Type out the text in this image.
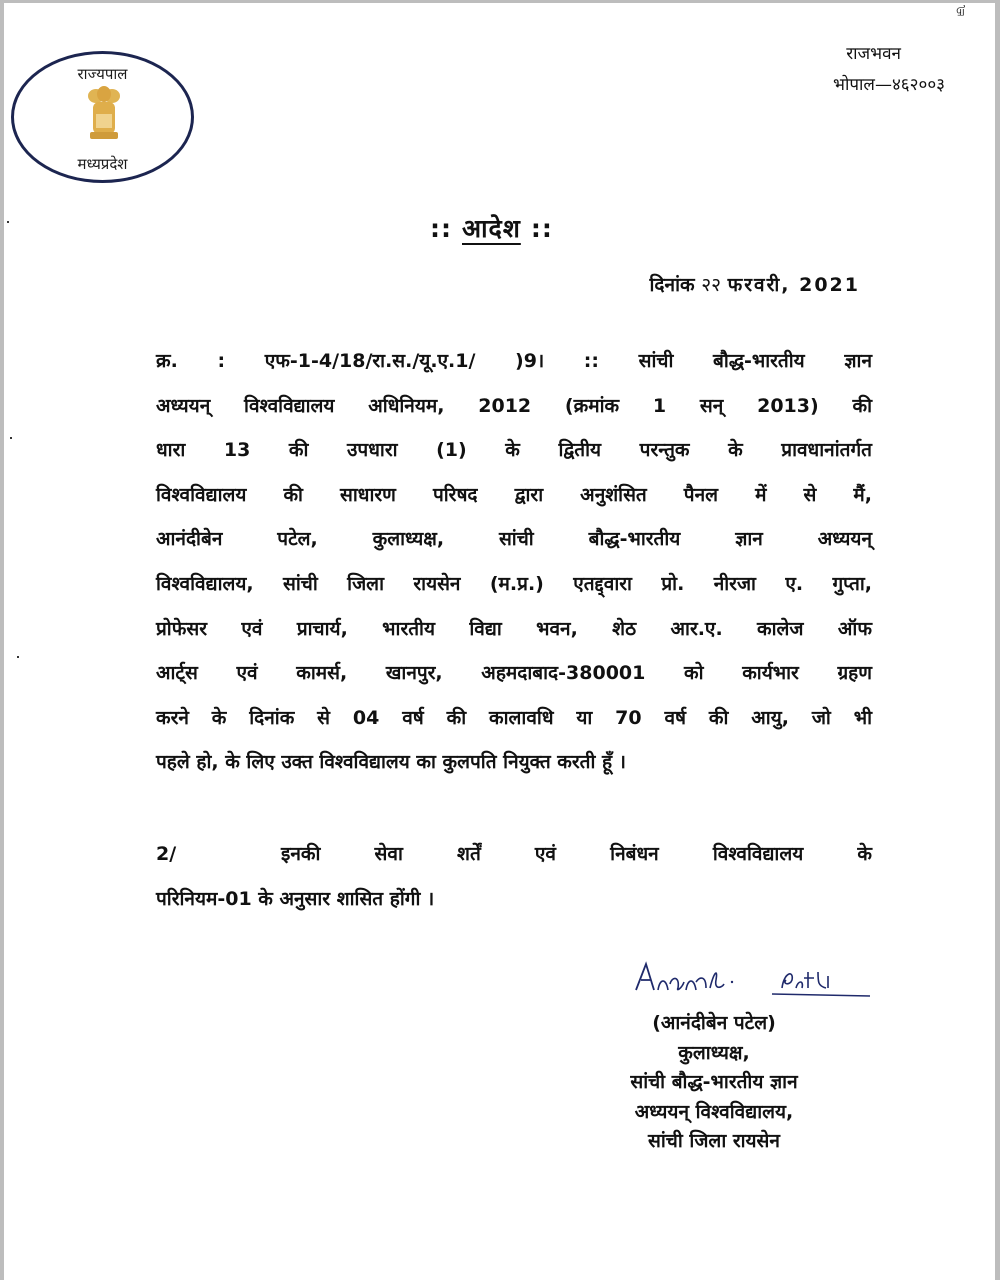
ந
राज्यपाल
मध्यप्रदेश
राजभवन
भोपाल—४६२००३
:: आदेश ::
दिनांक २२ फरवरी, 2021
क्र. : एफ-1-4/18/रा.स./यू.ए.1/ )9। :: सांची बौद्ध-भारतीय ज्ञान
अध्ययन् विश्वविद्यालय अधिनियम, 2012 (क्रमांक 1 सन् 2013) की
धारा 13 की उपधारा (1) के द्वितीय परन्तुक के प्रावधानांतर्गत
विश्वविद्यालय की साधारण परिषद द्वारा अनुशंसित पैनल में से मैं,
आनंदीबेन पटेल, कुलाध्यक्ष, सांची बौद्ध-भारतीय ज्ञान अध्ययन्
विश्वविद्यालय, सांची जिला रायसेन (म.प्र.) एतद्द्वारा प्रो. नीरजा ए. गुप्ता,
प्रोफेसर एवं प्राचार्य, भारतीय विद्या भवन, शेठ आर.ए. कालेज ऑफ
आर्ट्स एवं कामर्स, खानपुर, अहमदाबाद-380001 को कार्यभार ग्रहण
करने के दिनांक से 04 वर्ष की कालावधि या 70 वर्ष की आयु, जो भी
पहले हो, के लिए उक्त विश्वविद्यालय का कुलपति नियुक्त करती हूँ ।
2/	इनकी सेवा शर्तें एवं निबंधन विश्वविद्यालय के
परिनियम-01 के अनुसार शासित होंगी ।
(आनंदीबेन पटेल)
कुलाध्यक्ष,
सांची बौद्ध-भारतीय ज्ञान
अध्ययन् विश्वविद्यालय,
सांची जिला रायसेन
